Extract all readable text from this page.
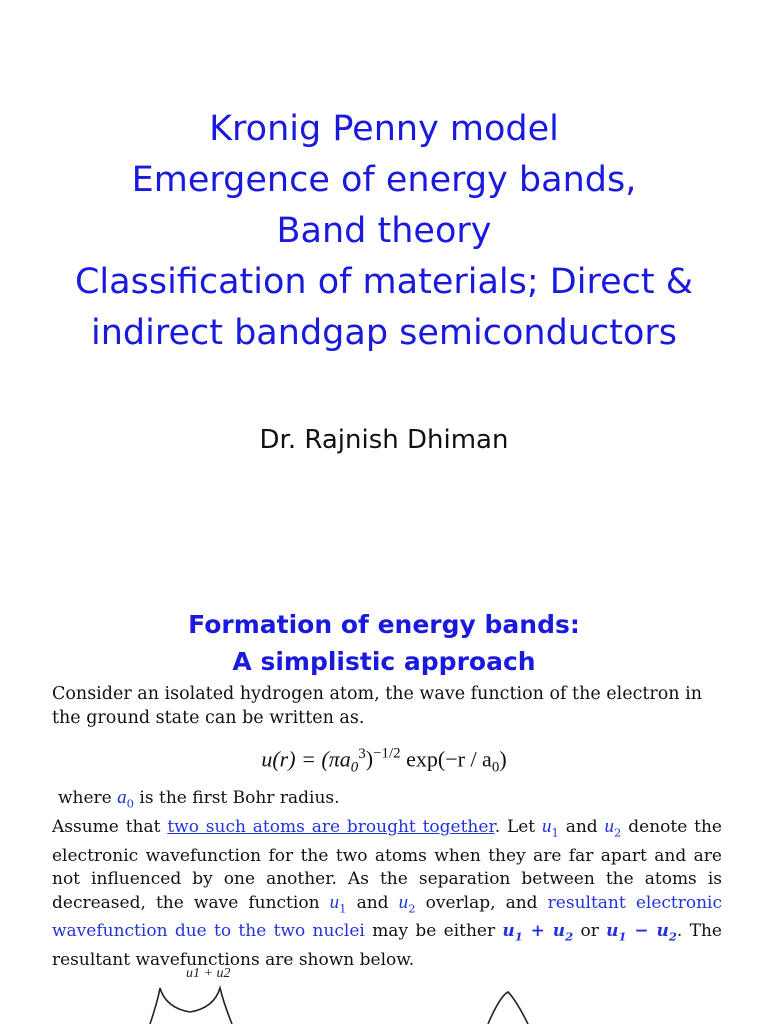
Kronig Penny model
Emergence of energy bands,
Band theory
Classification of materials; Direct &
indirect bandgap semiconductors
Dr. Rajnish Dhiman
Formation of energy bands:
A simplistic approach
Consider an isolated hydrogen atom, the wave function of the electron in the ground state can be written as.
$u(r) = (\pi a_0^3)^{-1/2}$ $\exp(-r / a_0)$
where $a_0$ is the first Bohr radius.
Assume that two such atoms are brought together. Let $u_1$ and $u_2$ denote the electronic wavefunction for the two atoms when they are far apart and are not influenced by one another. As the separation between the atoms is decreased, the wave function $u_1$ and $u_2$ overlap, and resultant electronic wavefunction due to the two nuclei may be either $u_1 + u_2$ or $u_1 - u_2$. The resultant wavefunctions are shown below.
u1 + u2
